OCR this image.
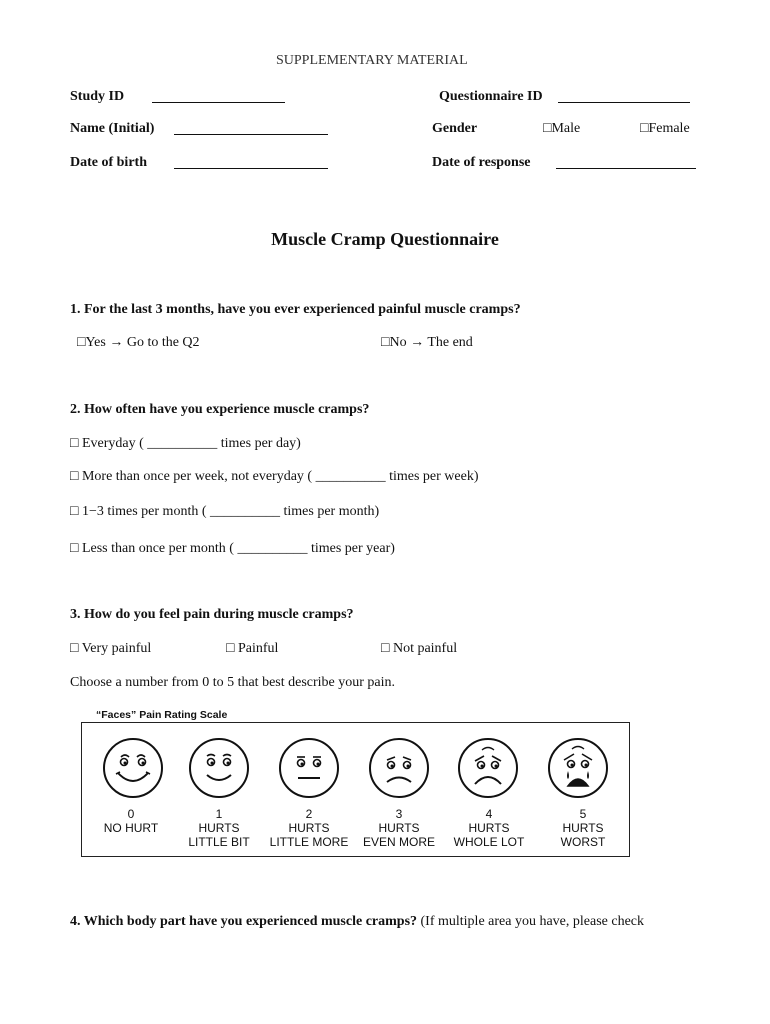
SUPPLEMENTARY MATERIAL
Study ID	Questionnaire ID
Name (Initial)	Gender	□Male	□Female
Date of birth	Date of response
Muscle Cramp Questionnaire
1. For the last 3 months, have you ever experienced painful muscle cramps?
□Yes → Go to the Q2	□No → The end
2. How often have you experience muscle cramps?
□ Everyday ( __________ times per day)
□ More than once per week, not everyday ( __________ times per week)
□ 1−3 times per month ( __________ times per month)
□ Less than once per month ( __________ times per year)
3. How do you feel pain during muscle cramps?
□ Very painful	□ Painful	□ Not painful
Choose a number from 0 to 5 that best describe your pain.
“Faces” Pain Rating Scale
0
NO HURT
1
HURTS
LITTLE BIT
2
HURTS
LITTLE MORE
3
HURTS
EVEN MORE
4
HURTS
WHOLE LOT
5
HURTS
WORST
4. Which body part have you experienced muscle cramps? (If multiple area you have, please check
